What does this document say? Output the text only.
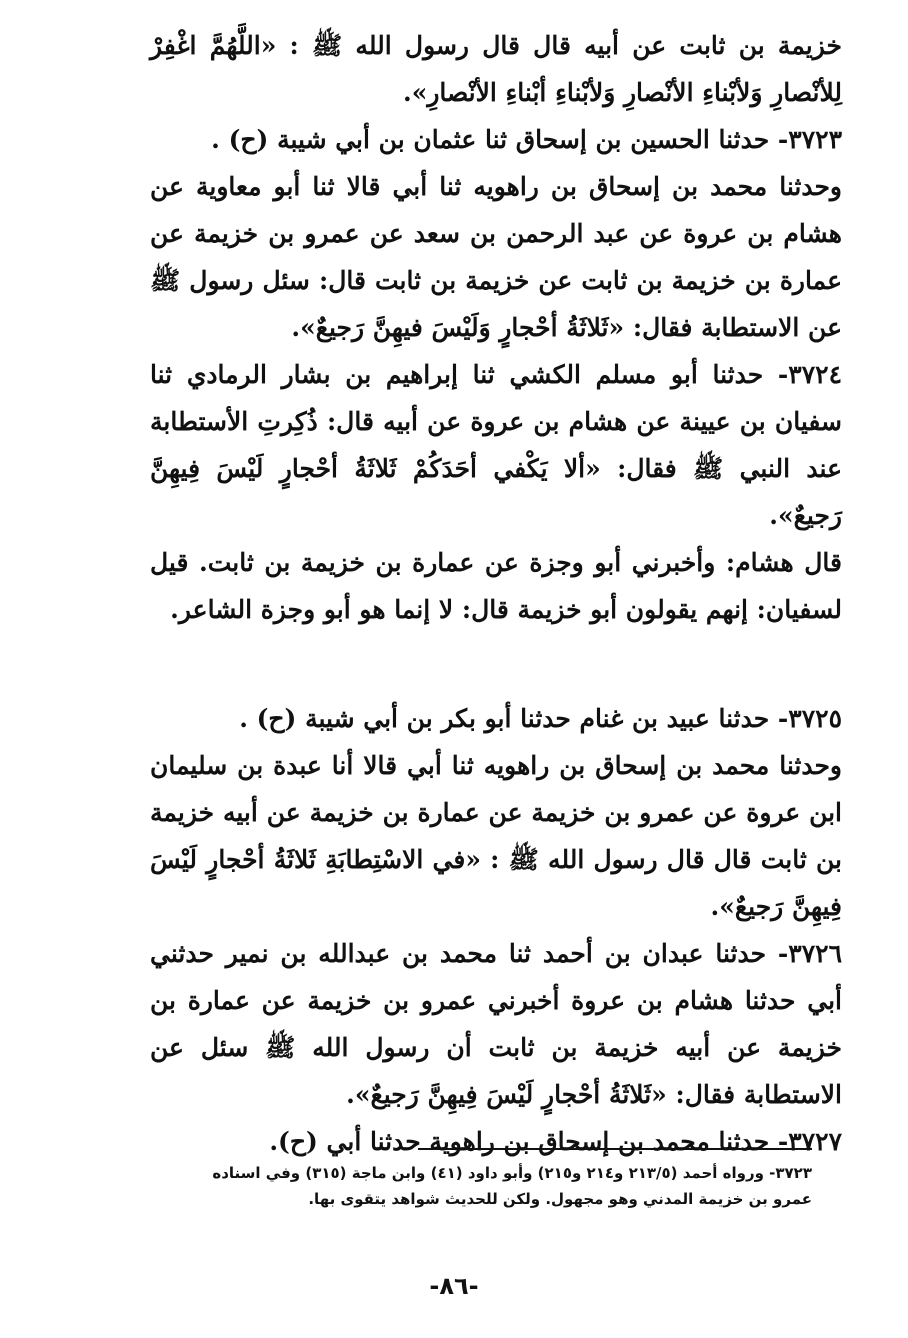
خزيمة بن ثابت عن أبيه قال قال رسول الله ﷺ : «اللَّهُمَّ اغْفِرْ لِلأنْصارِ وَلأبْناءِ الأنْصارِ وَلأبْناءِ أبْناءِ الأنْصارِ».

٣٧٢٣- حدثنا الحسين بن إسحاق ثنا عثمان بن أبي شيبة (ح) .

وحدثنا محمد بن إسحاق بن راهويه ثنا أبي قالا ثنا أبو معاوية عن هشام بن عروة عن عبد الرحمن بن سعد عن عمرو بن خزيمة عن عمارة بن خزيمة بن ثابت عن خزيمة بن ثابت قال: سئل رسول ﷺ عن الاستطابة فقال: «ثَلاثَةُ أحْجارٍ وَلَيْسَ فيهِنَّ رَجيعٌ».

٣٧٢٤- حدثنا أبو مسلم الكشي ثنا إبراهيم بن بشار الرمادي ثنا سفيان بن عيينة عن هشام بن عروة عن أبيه قال: ذُكِرتِ الأستطابة عند النبي ﷺ فقال: «ألا يَكْفي أحَدَكُمْ ثَلاثَةُ أحْجارٍ لَيْسَ فِيهِنَّ رَجيعٌ».

قال هشام: وأخبرني أبو وجزة عن عمارة بن خزيمة بن ثابت. قيل لسفيان: إنهم يقولون أبو خزيمة قال: لا إنما هو أبو وجزة الشاعر.

٣٧٢٥- حدثنا عبيد بن غنام حدثنا أبو بكر بن أبي شيبة (ح) .

وحدثنا محمد بن إسحاق بن راهويه ثنا أبي قالا أنا عبدة بن سليمان ابن عروة عن عمرو بن خزيمة عن عمارة بن خزيمة عن أبيه خزيمة بن ثابت قال قال رسول الله ﷺ : «في الاسْتِطابَةِ ثَلاثَةُ أحْجارٍ لَيْسَ فِيهِنَّ رَجيعٌ».

٣٧٢٦- حدثنا عبدان بن أحمد ثنا محمد بن عبدالله بن نمير حدثني أبي حدثنا هشام بن عروة أخبرني عمرو بن خزيمة عن عمارة بن خزيمة عن أبيه خزيمة بن ثابت أن رسول الله ﷺ سئل عن الاستطابة فقال: «ثَلاثَةُ أحْجارٍ لَيْسَ فِيهِنَّ رَجيعٌ».

٣٧٢٧- حدثنا محمد بن إسحاق بن راهوية حدثنا أبي (ح).

٣٧٢٣- ورواه أحمد (٢١٣/٥ و٢١٤ و٢١٥) وأبو داود (٤١) وابن ماجة (٣١٥) وفي اسناده عمرو بن خزيمة المدني وهو مجهول. ولكن للحديث شواهد يتقوى بها.
-٨٦-
